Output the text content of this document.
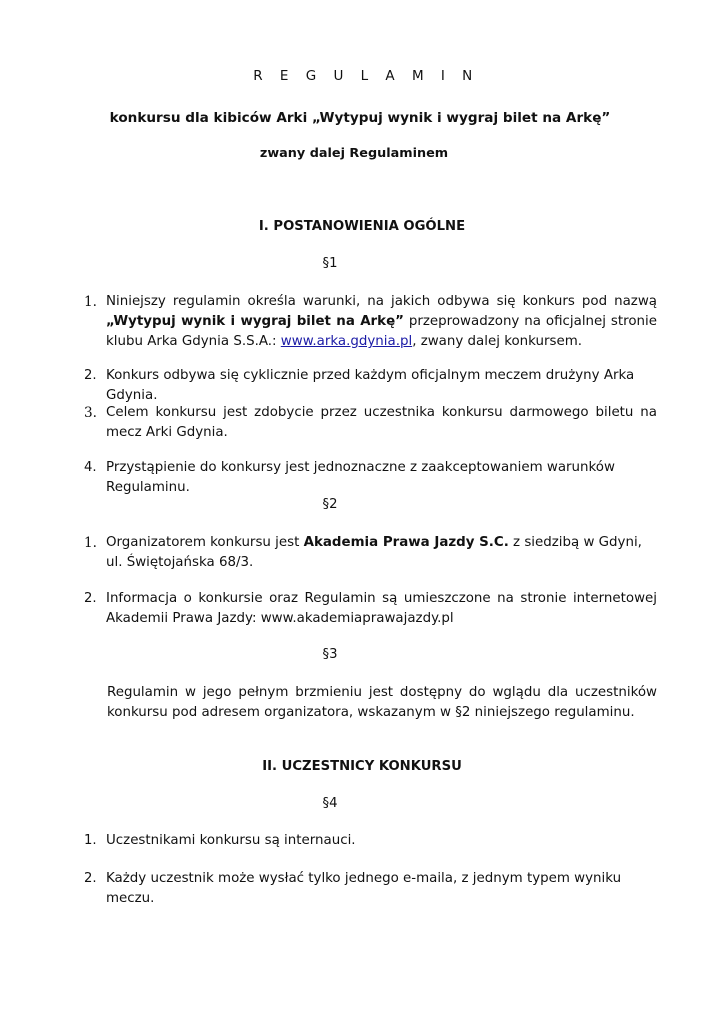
R E G U L A M I N
konkursu dla kibiców Arki „Wytypuj wynik i wygraj bilet na Arkę”
zwany dalej Regulaminem
I. POSTANOWIENIA OGÓLNE
§1
1. Niniejszy regulamin określa warunki, na jakich odbywa się konkurs pod nazwą „Wytypuj wynik i wygraj bilet na Arkę” przeprowadzony na oficjalnej stronie klubu Arka Gdynia S.S.A.: www.arka.gdynia.pl, zwany dalej konkursem.
2. Konkurs odbywa się cyklicznie przed każdym oficjalnym meczem drużyny Arka Gdynia.
3. Celem konkursu jest zdobycie przez uczestnika konkursu darmowego biletu na mecz Arki Gdynia.
4. Przystąpienie do konkursy jest jednoznaczne z zaakceptowaniem warunków Regulaminu.
§2
1. Organizatorem konkursu jest Akademia Prawa Jazdy S.C. z siedzibą w Gdyni,
ul. Świętojańska 68/3.
2. Informacja o konkursie oraz Regulamin są umieszczone na stronie internetowej Akademii Prawa Jazdy: www.akademiaprawajazdy.pl
§3
Regulamin w jego pełnym brzmieniu jest dostępny do wglądu dla uczestników konkursu pod adresem organizatora, wskazanym w §2 niniejszego regulaminu.
II. UCZESTNICY KONKURSU
§4
1. Uczestnikami konkursu są internauci.
2. Każdy uczestnik może wysłać tylko jednego e-maila, z jednym typem wyniku meczu.
